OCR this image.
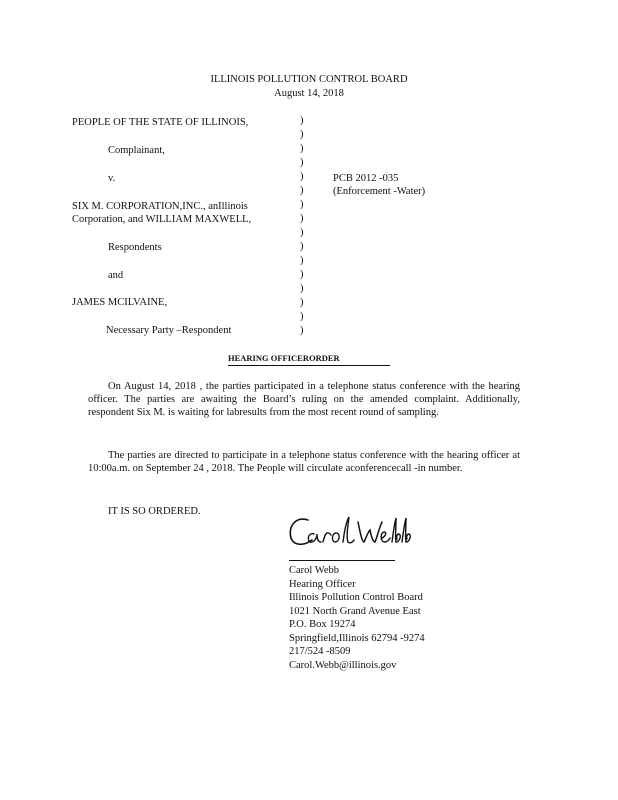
ILLINOIS POLLUTION CONTROL BOARD
August 14, 2018
PEOPLE OF THE STATE OF ILLINOIS,
Complainant,
v.
SIX M. CORPORATION,INC., anIllinois
Corporation, and WILLIAM MAXWELL,
Respondents
and
JAMES MCILVAINE,
Necessary Party –Respondent
)
)
)
)
)
)
)
)
)
)
)
)
)
)
)
)
PCB 2012 -035
(Enforcement -Water)
HEARING OFFICERORDER
On August 14, 2018 , the parties participated in a telephone status conference with the hearing officer. The parties are awaiting the Board’s ruling on the amended complaint. Additionally, respondent Six M. is waiting for labresults from the most recent round of sampling.
The parties are directed to participate in a telephone status conference with the hearing officer at 10:00a.m. on September 24 , 2018. The People will circulate aconferencecall -in number.
IT IS SO ORDERED.
Carol Webb
Hearing Officer
Illinois Pollution Control Board
1021 North Grand Avenue East
P.O. Box 19274
Springfield,Illinois 62794 -9274
217/524 -8509
Carol.Webb@illinois.gov
